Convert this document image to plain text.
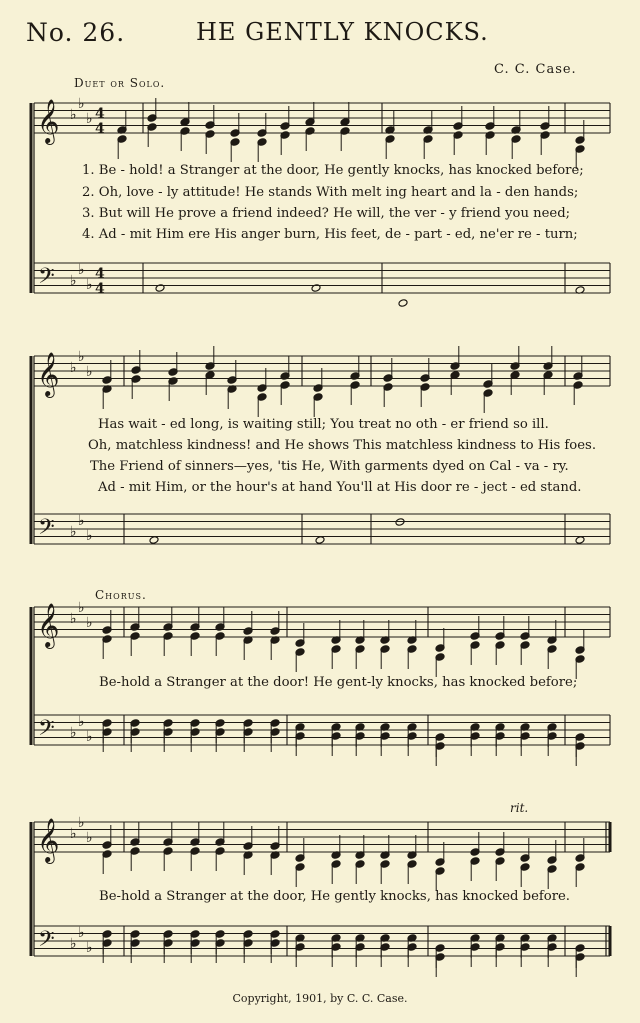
No. 26.	HE GENTLY KNOCKS.
C. C. Case.
Duet or Solo.
Chorus.
rit.
𝄞
𝄢
♭
♭
♭
♭
♭
♭
4
4
4
4
𝄞
𝄢
♭
♭
♭
♭
♭
♭
𝄞
𝄢
♭
♭
♭
♭
♭
♭
𝄞
𝄢
♭
♭
♭
♭
♭
♭
1. Be - hold! a Stranger at the door, He gently knocks, has knocked before;
2. Oh, love - ly attitude! He stands With melt ing heart and la - den hands;
3. But will He prove a friend indeed? He will, the ver - y friend you need;
4. Ad - mit Him ere His anger burn, His feet, de - part - ed, ne'er re - turn;
Has wait - ed long, is waiting still; You treat no oth - er friend so ill.
Oh, matchless kindness! and He shows This matchless kindness to His foes.
The Friend of sinners—yes, 'tis He, With garments dyed on Cal - va - ry.
Ad - mit Him, or the hour's at hand You'll at His door re - ject - ed stand.
Be-hold a Stranger at the door! He gent-ly knocks, has knocked before;
Be-hold a Stranger at the door, He gently knocks, has knocked before.
Copyright, 1901, by C. C. Case.
